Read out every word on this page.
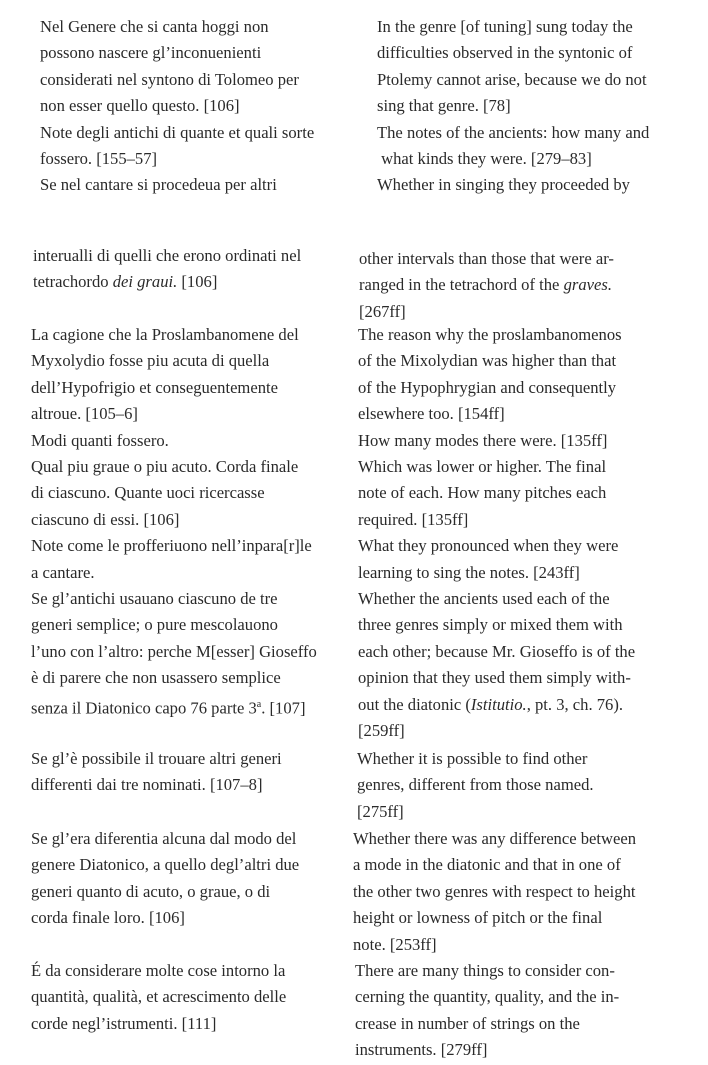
Nel Genere che si canta hoggi non
possono nascere gl’inconuenienti
considerati nel syntono di Tolomeo per
non esser quello questo. [106]
Note degli antichi di quante et quali sorte
fossero. [155–57]
Se nel cantare si procedeua per altri
interualli di quelli che erono ordinati nel
tetrachordo dei graui. [106]
La cagione che la Proslambanomene del
Myxolydio fosse piu acuta di quella
dell’Hypofrigio et conseguentemente
altroue. [105–6]
Modi quanti fossero.
Qual piu graue o piu acuto. Corda finale
di ciascuno. Quante uoci ricercasse
ciascuno di essi. [106]
Note come le profferiuono nell’inpara[r]le
a cantare.
Se gl’antichi usauano ciascuno de tre
generi semplice; o pure mescolauono
l’uno con l’altro: perche M[esser] Gioseffo
è di parere che non usassero semplice
senza il Diatonico capo 76 parte 3$^a$. [107]
Se gl’è possibile il trouare altri generi
differenti dai tre nominati. [107–8]
Se gl’era diferentia alcuna dal modo del
genere Diatonico, a quello degl’altri due
generi quanto di acuto, o graue, o di
corda finale loro. [106]
É da considerare molte cose intorno la
quantità, qualità, et acrescimento delle
corde negl’istrumenti. [111]
In the genre [of tuning] sung today the
difficulties observed in the syntonic of
Ptolemy cannot arise, because we do not
sing that genre. [78]
The notes of the ancients: how many and
what kinds they were. [279–83]
Whether in singing they proceeded by
other intervals than those that were ar-
ranged in the tetrachord of the graves.
[267ff]
The reason why the proslambanomenos
of the Mixolydian was higher than that
of the Hypophrygian and consequently
elsewhere too. [154ff]
How many modes there were. [135ff]
Which was lower or higher. The final
note of each. How many pitches each
required. [135ff]
What they pronounced when they were
learning to sing the notes. [243ff]
Whether the ancients used each of the
three genres simply or mixed them with
each other; because Mr. Gioseffo is of the
opinion that they used them simply with-
out the diatonic (Istitutio., pt. 3, ch. 76).
[259ff]
Whether it is possible to find other
genres, different from those named.
[275ff]
Whether there was any difference between
a mode in the diatonic and that in one of
the other two genres with respect to height
height or lowness of pitch or the final
note. [253ff]
There are many things to consider con-
cerning the quantity, quality, and the in-
crease in number of strings on the
instruments. [279ff]
